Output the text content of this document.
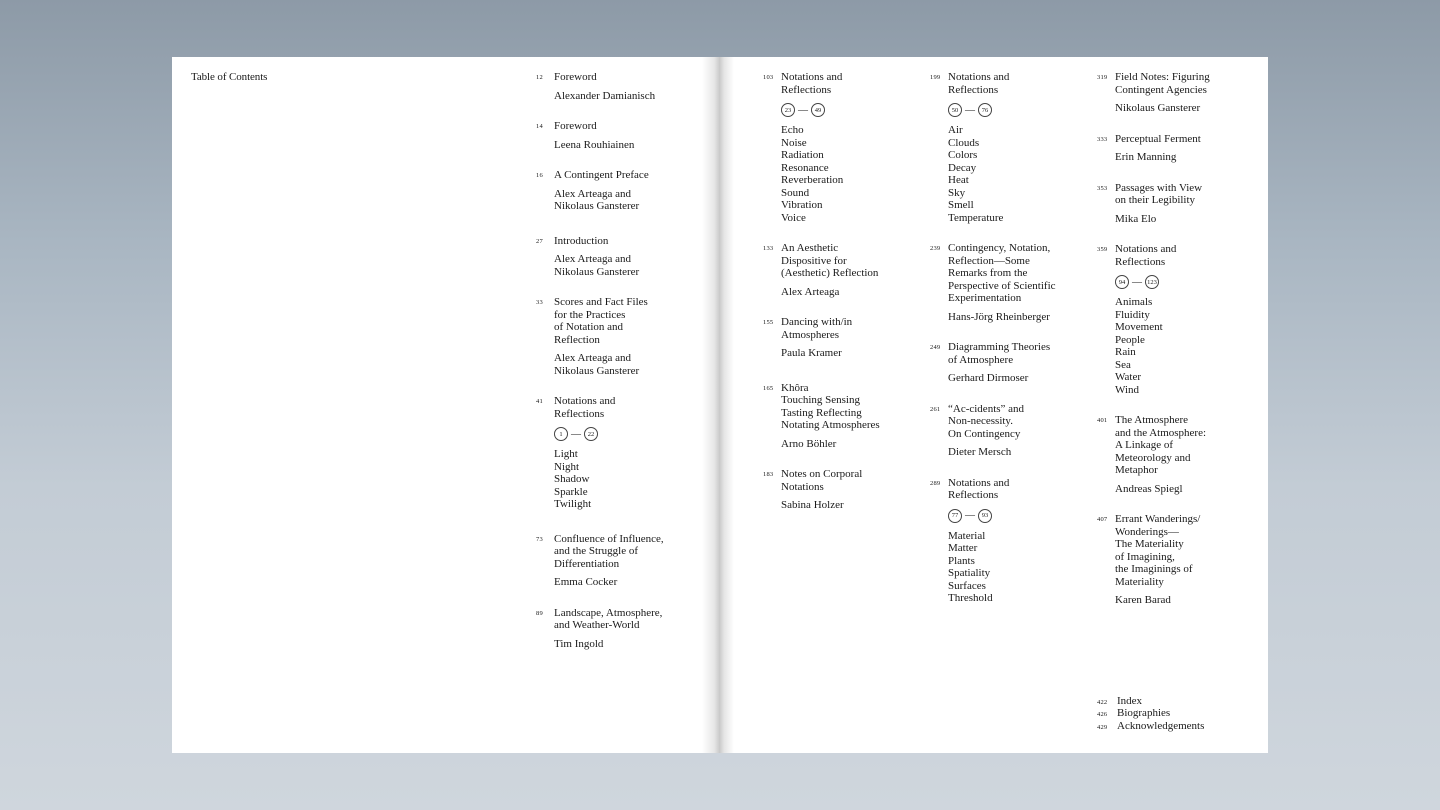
Table of Contents	12 Foreword
Alexander Damianisch
14 Foreword
Leena Rouhiainen
16 A Contingent Preface
Alex Arteaga and
Nikolaus Gansterer
27 Introduction
Alex Arteaga and
Nikolaus Gansterer
33 Scores and Fact Files
for the Practices
of Notation and
Reflection
Alex Arteaga and
Nikolaus Gansterer
41 Notations and
Reflections
1 —	22
Light
Night
Shadow
Sparkle
Twilight
73 Confluence of Influence,
and the Struggle of
Differentiation
Emma Cocker
89 Landscape, Atmosphere,
and Weather-World
Tim Ingold
103 Notations and
Reflections
23 —	49
Echo
Noise
Radiation
Resonance
Reverberation
Sound
Vibration
Voice
133 An Aesthetic
Dispositive for
(Aesthetic) Reflection
Alex Arteaga
155 Dancing with/in
Atmospheres
Paula Kramer
165 Khôra
Touching Sensing
Tasting Reflecting
Notating Atmospheres
Arno Böhler
183 Notes on Corporal
Notations
Sabina Holzer
199 Notations and
Reflections
50 —	76
Air
Clouds
Colors
Decay
Heat
Sky
Smell
Temperature
239 Contingency, Notation,
Reflection—Some
Remarks from the
Perspective of Scientific
Experimentation
Hans-Jörg Rheinberger
249 Diagramming Theories
of Atmosphere
Gerhard Dirmoser
261 “Ac-cidents” and
Non-necessity.
On Contingency
Dieter Mersch
289 Notations and
Reflections
77 —	93
Material
Matter
Plants
Spatiality
Surfaces
Threshold
319 Field Notes: Figuring
Contingent Agencies
Nikolaus Gansterer
333 Perceptual Ferment
Erin Manning
353 Passages with View
on their Legibility
Mika Elo
359 Notations and
Reflections
94 — 123
Animals
Fluidity
Movement
People
Rain
Sea
Water
Wind
401 The Atmosphere
and the Atmosphere:
A Linkage of
Meteorology and
Metaphor
Andreas Spiegl
407 Errant Wanderings/
Wonderings—
The Materiality
of Imagining,
the Imaginings of
Materiality
Karen Barad
422 Index
426 Biographies
429 Acknowledgements
